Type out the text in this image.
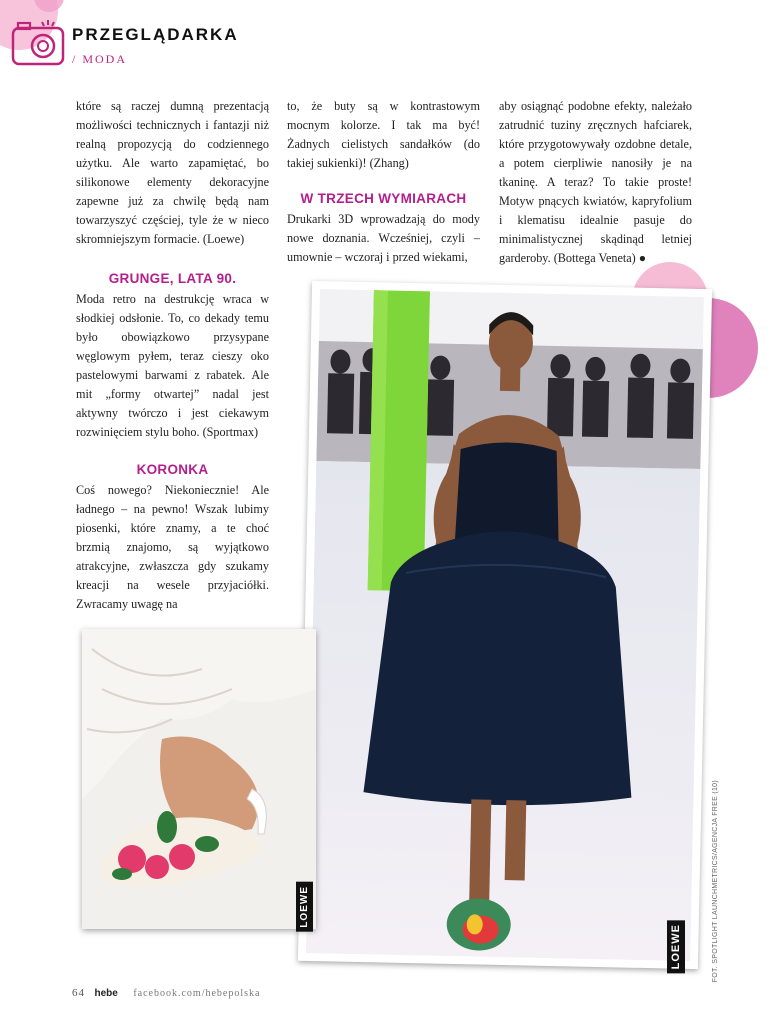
PRZEGLĄDARKA
/ MODA

które są raczej dumną prezentacją możliwości technicznych i fantazji niż realną propozycją do codziennego użytku. Ale warto zapamiętać, bo silikonowe elementy dekoracyjne zapewne już za chwilę będą nam towarzyszyć częściej, tyle że w nieco skromniejszym formacie. (Loewe)

GRUNGE, LATA 90.

Moda retro na destrukcję wraca w słodkiej odsłonie. To, co dekady temu było obowiązkowo przysypane węglowym pyłem, teraz cieszy oko pastelowymi barwami z rabatek. Ale mit „formy otwartej” nadal jest aktywny twórczo i jest ciekawym rozwinięciem stylu boho. (Sportmax)

KORONKA

Coś nowego? Niekoniecznie! Ale ładnego – na pewno! Wszak lubimy piosenki, które znamy, a te choć brzmią znajomo, są wyjątkowo atrakcyjne, zwłaszcza gdy szukamy kreacji na wesele przyjaciółki. Zwracamy uwagę na

to, że buty są w kontrastowym mocnym kolorze. I tak ma być! Żadnych cielistych sandałków (do takiej sukienki)! (Zhang)

W TRZECH WYMIARACH

Drukarki 3D wprowadzają do mody nowe doznania. Wcześniej, czyli – umownie – wczoraj i przed wiekami,

aby osiągnąć podobne efekty, należało zatrudnić tuziny zręcznych hafciarek, które przygotowywały ozdobne detale, a potem cierpliwie nanosiły je na tkaninę. A teraz? To takie proste! Motyw pnących kwiatów, kapryfolium i klematisu idealnie pasuje do minimalistycznej skądinąd letniej garderoby. (Bottega Veneta) ●

LOEWE
LOEWE	FOT. SPOTLIGHT LAUNCHMETRICS/AGENCJA FREE (10)
64 hebe facebook.com/hebepolska
